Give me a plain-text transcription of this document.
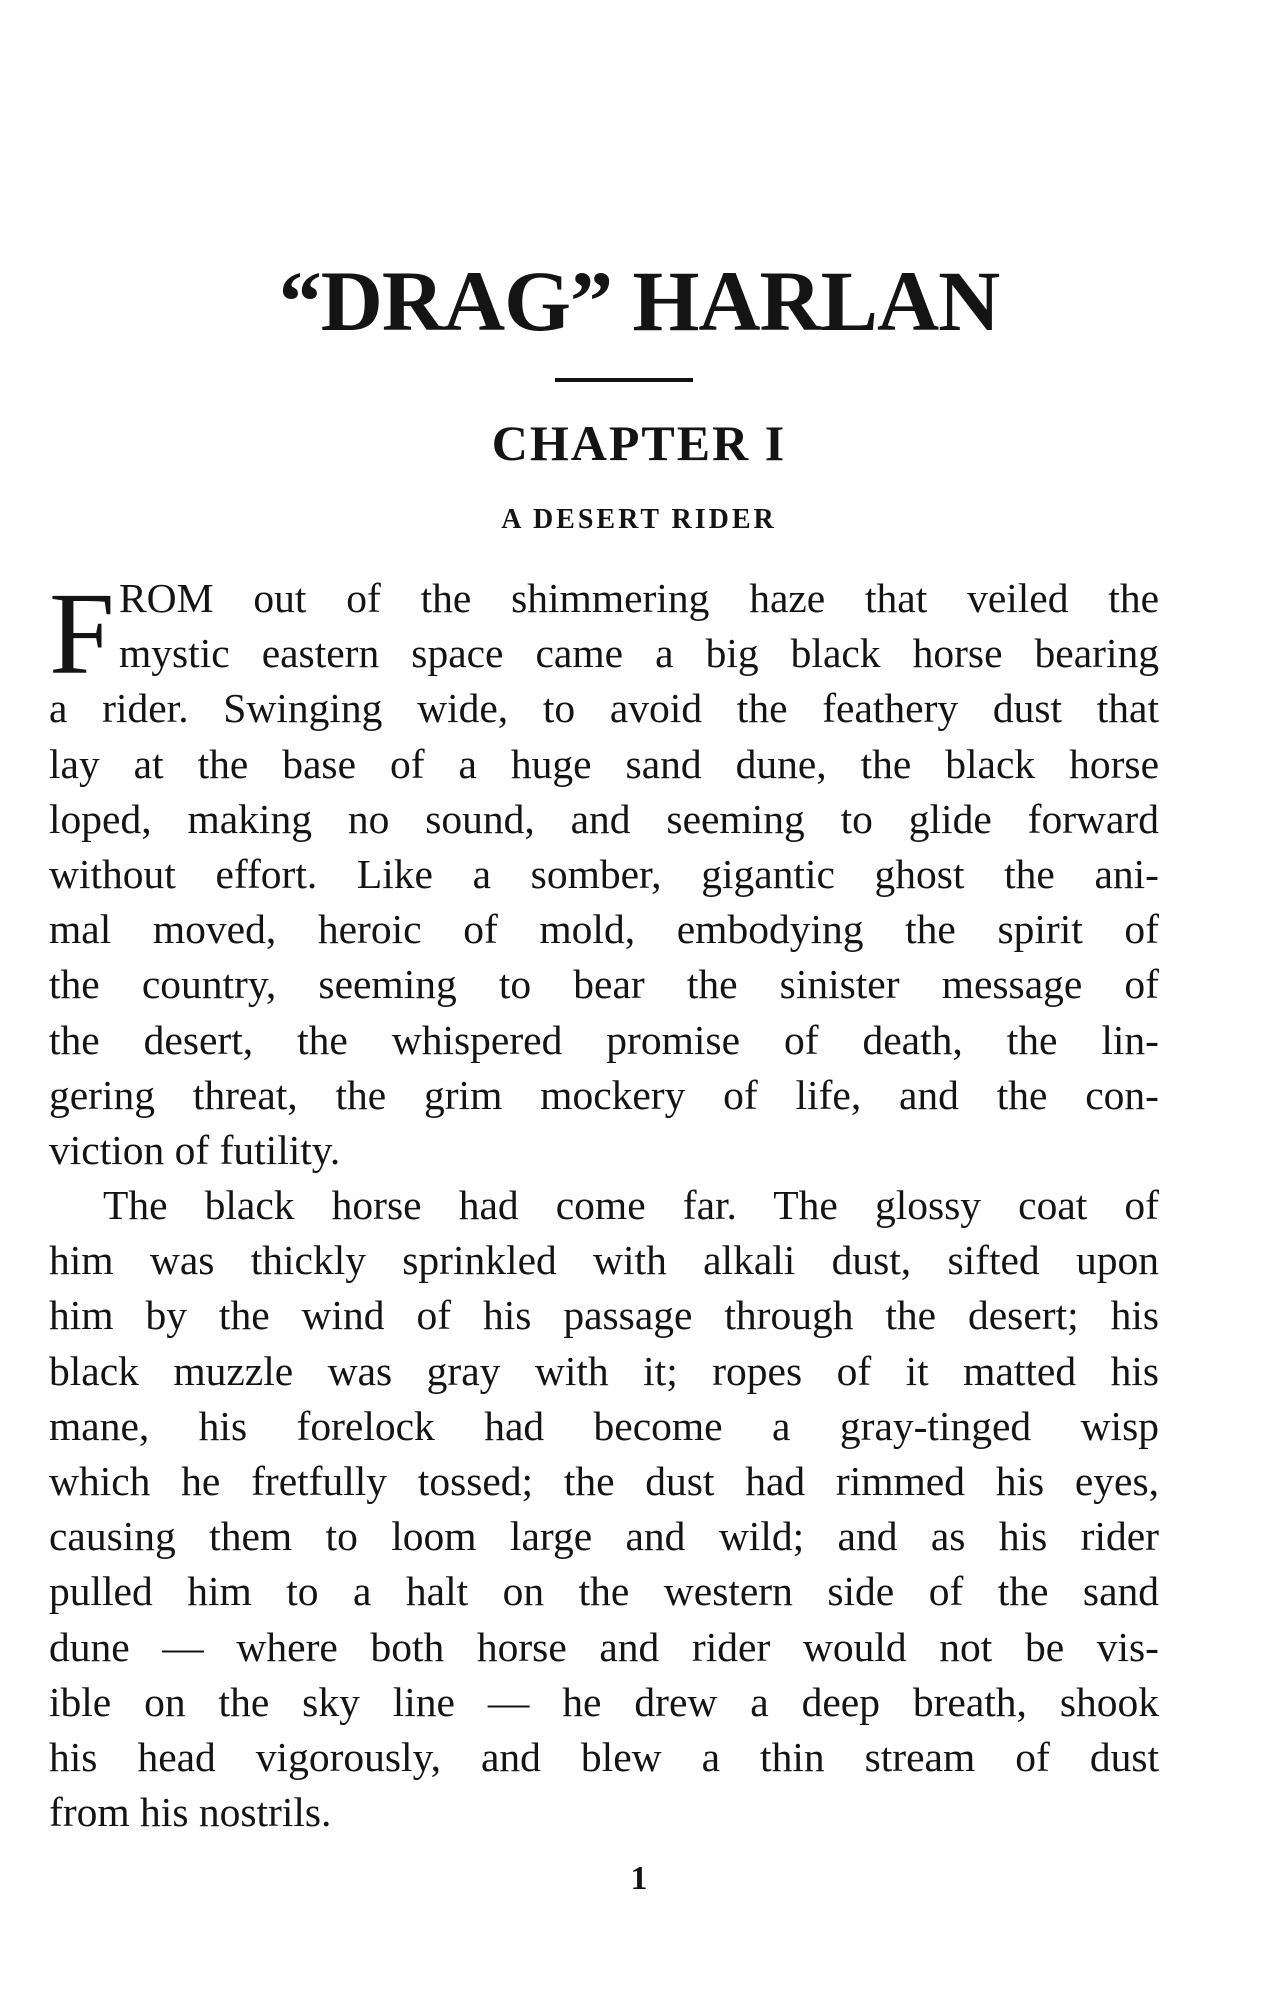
“DRAG” HARLAN
CHAPTER I
A DESERT RIDER
F ROM out of the shimmering haze that veiled the
mystic eastern space came a big black horse bearing
a rider. Swinging wide, to avoid the feathery dust that
lay at the base of a huge sand dune, the black horse
loped, making no sound, and seeming to glide forward
without effort. Like a somber, gigantic ghost the ani-
mal moved, heroic of mold, embodying the spirit of
the country, seeming to bear the sinister message of
the desert, the whispered promise of death, the lin-
gering threat, the grim mockery of life, and the con-
viction of futility.
The black horse had come far. The glossy coat of
him was thickly sprinkled with alkali dust, sifted upon
him by the wind of his passage through the desert; his
black muzzle was gray with it; ropes of it matted his
mane, his forelock had become a gray-tinged wisp
which he fretfully tossed; the dust had rimmed his eyes,
causing them to loom large and wild; and as his rider
pulled him to a halt on the western side of the sand
dune — where both horse and rider would not be vis-
ible on the sky line — he drew a deep breath, shook
his head vigorously, and blew a thin stream of dust
from his nostrils.
1
